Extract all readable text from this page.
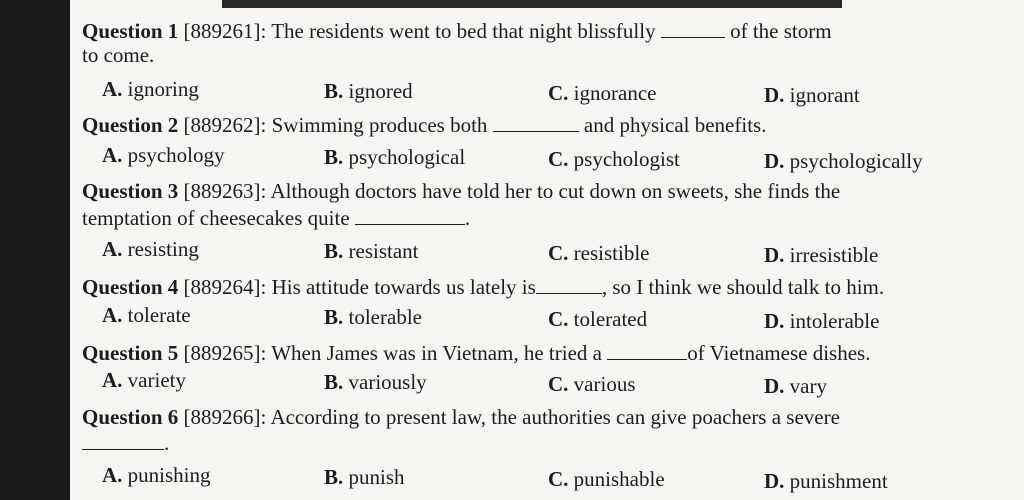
Question 1 [889261]: The residents went to bed that night blissfully	of the storm
to come.
A. ignoring	B. ignored	C. ignorance	D. ignorant
Question 2 [889262]: Swimming produces both	and physical benefits.
A. psychology	B. psychological	C. psychologist	D. psychologically
Question 3 [889263]: Although doctors have told her to cut down on sweets, she finds the
temptation of cheesecakes quite	.
A. resisting	B. resistant	C. resistible	D. irresistible
Question 4 [889264]: His attitude towards us lately is	, so I think we should talk to him.
A. tolerate	B. tolerable	C. tolerated	D. intolerable
Question 5 [889265]: When James was in Vietnam, he tried a	of Vietnamese dishes.
A. variety	B. variously	C. various	D. vary
Question 6 [889266]: According to present law, the authorities can give poachers a severe
.
A. punishing	B. punish	C. punishable	D. punishment
